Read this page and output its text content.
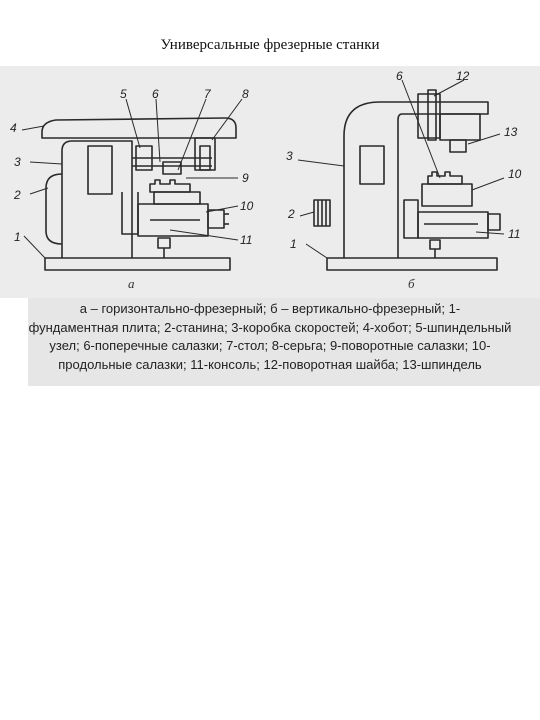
Универсальные фрезерные станки
1
2
3
4
5 6	7	8
9
10
11
а
1
2
3
6
10
11
12
13
б

а – горизонтально-фрезерный; б – вертикально-фрезерный; 1-
фундаментная плита; 2-станина; 3-коробка скоростей; 4-хобот; 5-шпиндельный
узел; 6-поперечные салазки; 7-стол; 8-серьга; 9-поворотные салазки; 10-
продольные салазки; 11-консоль; 12-поворотная шайба; 13-шпиндель
